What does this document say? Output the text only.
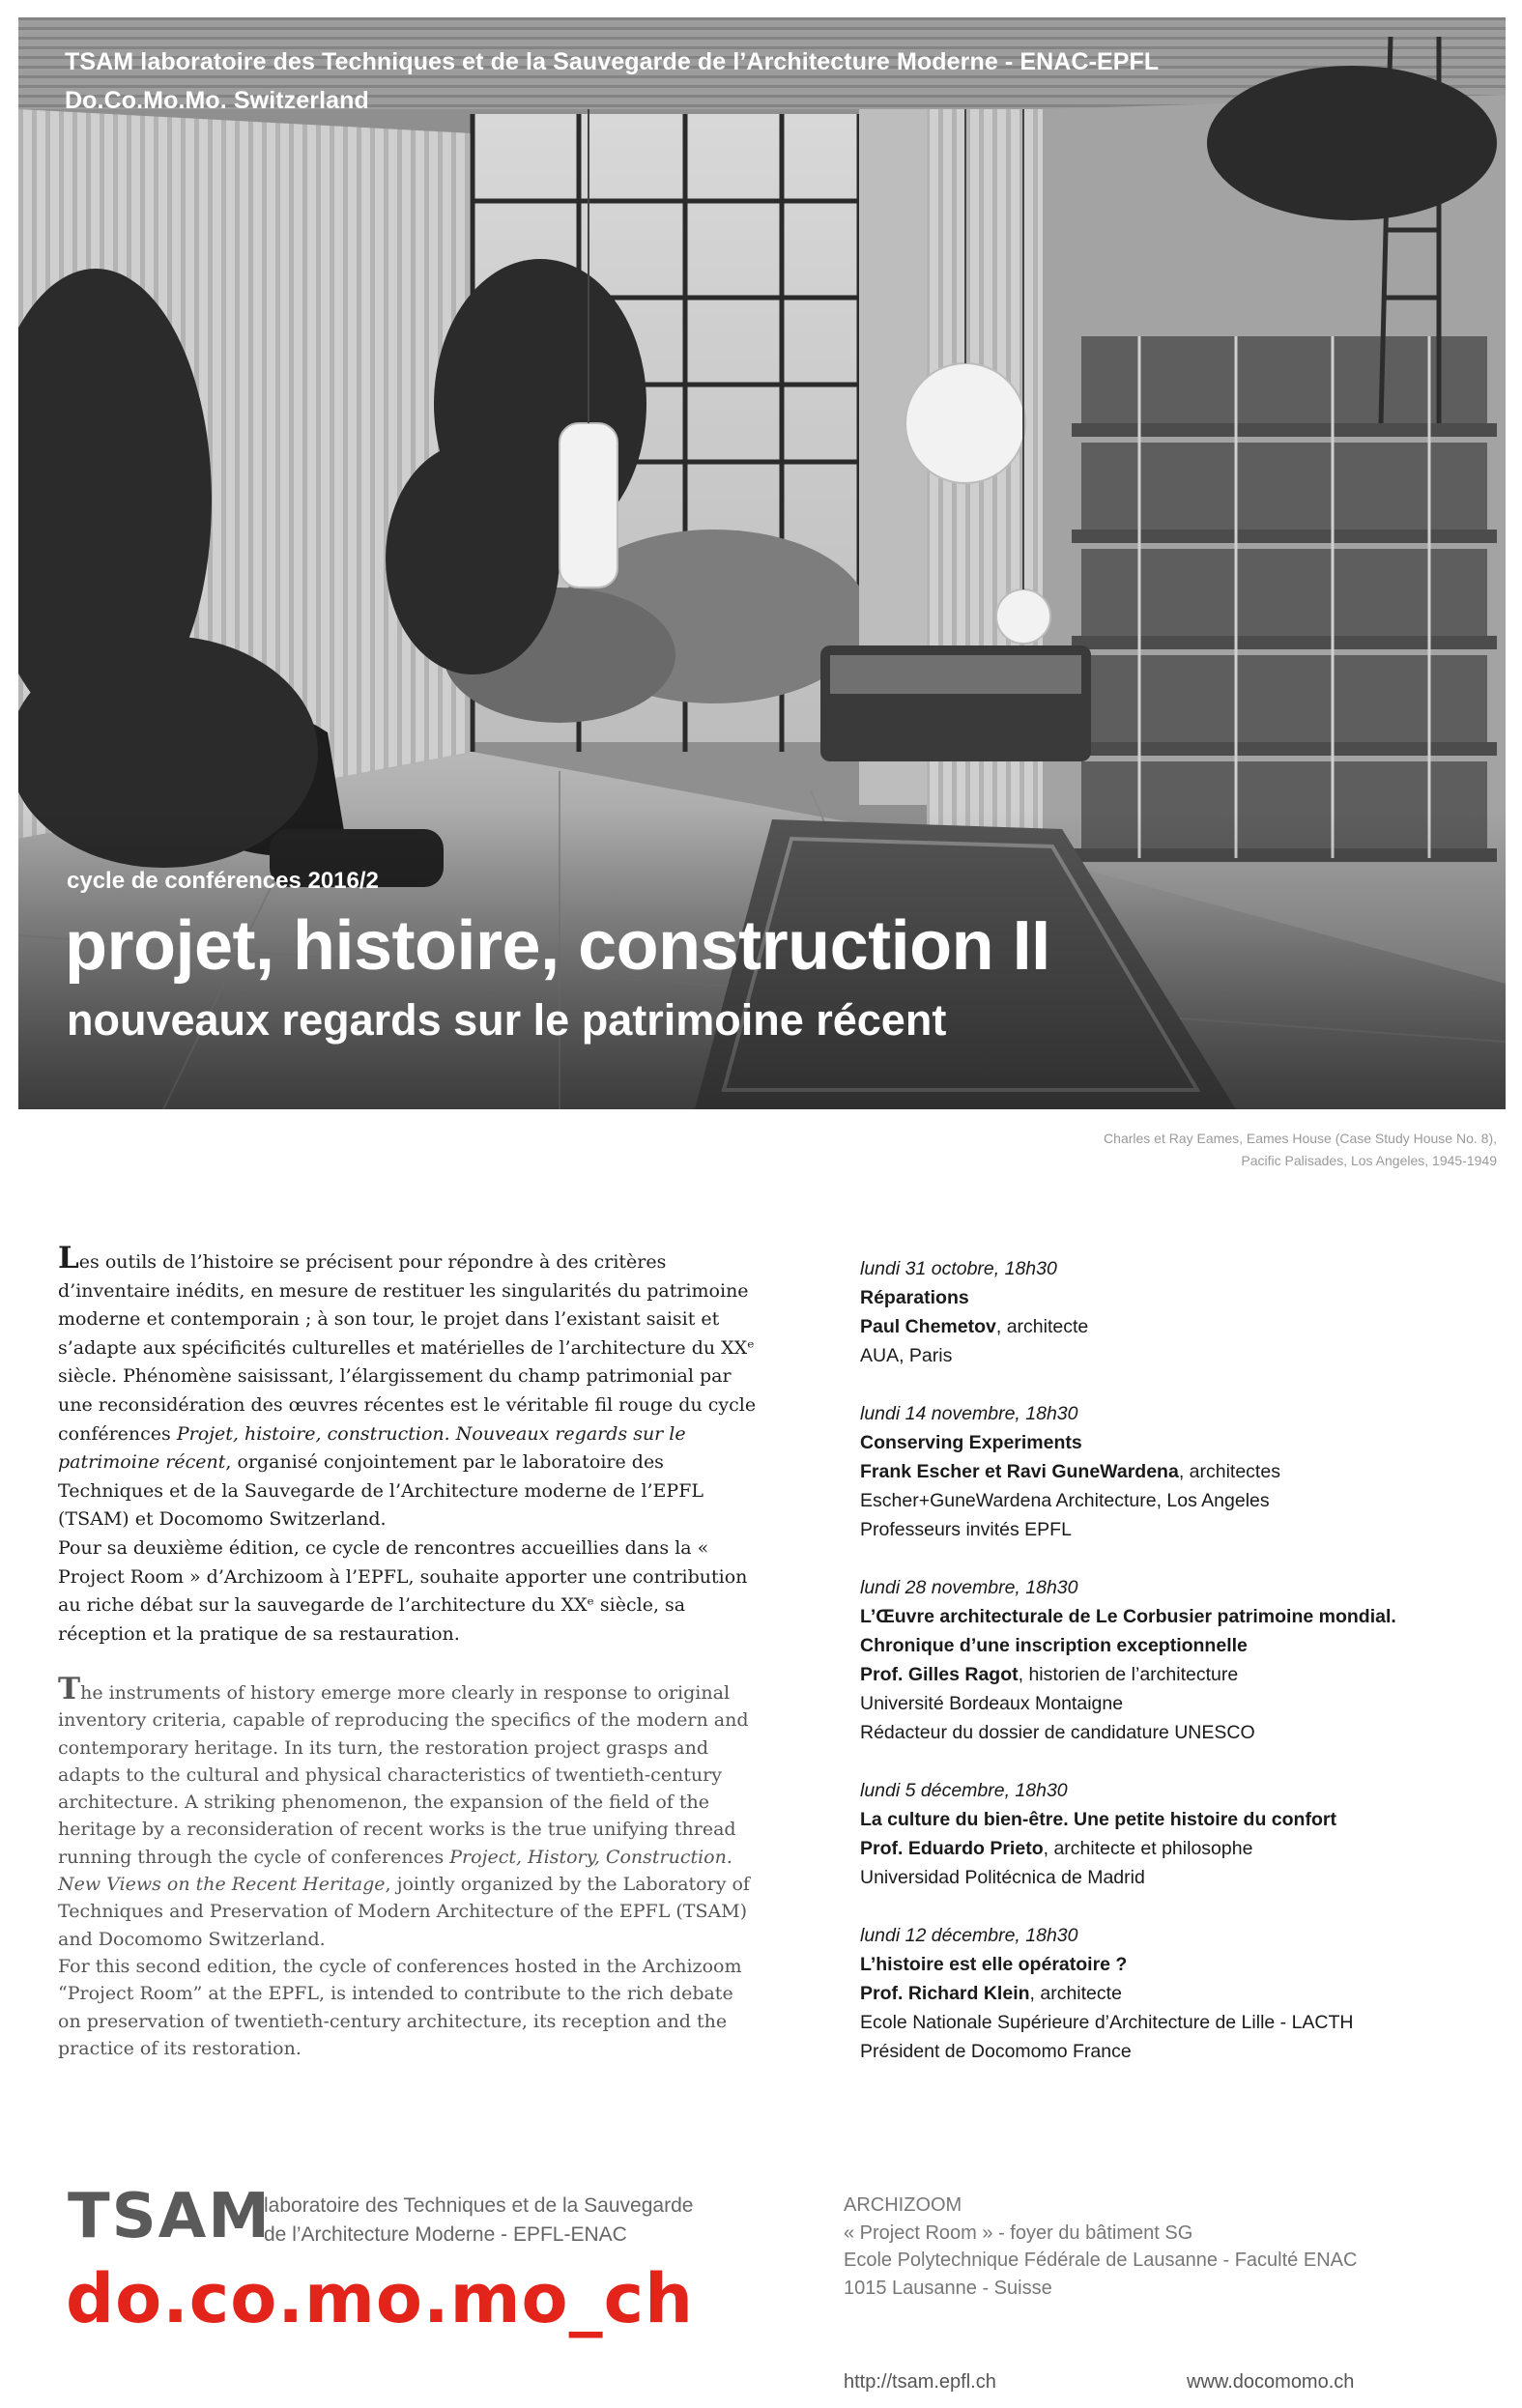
TSAM laboratoire des Techniques et de la Sauvegarde de l’Architecture Moderne - ENAC-EPFL
Do.Co.Mo.Mo. Switzerland
cycle de conférences 2016/2
projet, histoire, construction II
nouveaux regards sur le patrimoine récent
Charles et Ray Eames, Eames House (Case Study House No. 8),
Pacific Palisades, Los Angeles, 1945-1949

Les outils de l’histoire se précisent pour répondre à des critères d’inventaire inédits, en mesure de restituer les singularités du patrimoine moderne et contemporain ; à son tour, le projet dans l’existant saisit et s’adapte aux spécificités culturelles et matérielles de l’architecture du XXᵉ siècle. Phénomène saisissant, l’élargissement du champ patrimonial par une reconsidération des œuvres récentes est le véritable fil rouge du cycle conférences Projet, histoire, construction. Nouveaux regards sur le patrimoine récent, organisé conjointement par le laboratoire des Techniques et de la Sauvegarde de l’Architecture moderne de l’EPFL (TSAM) et Docomomo Switzerland.

Pour sa deuxième édition, ce cycle de rencontres accueillies dans la « Project Room » d’Archizoom à l’EPFL, souhaite apporter une contribution au riche débat sur la sauvegarde de l’architecture du XXᵉ siècle, sa réception et la pratique de sa restauration.

The instruments of history emerge more clearly in response to original inventory criteria, capable of reproducing the specifics of the modern and contemporary heritage. In its turn, the restoration project grasps and adapts to the cultural and physical characteristics of twentieth-century architecture. A striking phenomenon, the expansion of the field of the heritage by a reconsideration of recent works is the true unifying thread running through the cycle of conferences Project, History, Construction. New Views on the Recent Heritage, jointly organized by the Laboratory of Techniques and Preservation of Modern Architecture of the EPFL (TSAM) and Docomomo Switzerland.

For this second edition, the cycle of conferences hosted in the Archizoom “Project Room” at the EPFL, is intended to contribute to the rich debate on preservation of twentieth-century architecture, its reception and the practice of its restoration.

lundi 31 octobre, 18h30
Réparations
Paul Chemetov, architecte
AUA, Paris
lundi 14 novembre, 18h30
Conserving Experiments
Frank Escher et Ravi GuneWardena, architectes
Escher+GuneWardena Architecture, Los Angeles
Professeurs invités EPFL
lundi 28 novembre, 18h30
L’Œuvre architecturale de Le Corbusier patrimoine mondial.
Chronique d’une inscription exceptionnelle
Prof. Gilles Ragot, historien de l’architecture
Université Bordeaux Montaigne
Rédacteur du dossier de candidature UNESCO
lundi 5 décembre, 18h30
La culture du bien-être. Une petite histoire du confort
Prof. Eduardo Prieto, architecte et philosophe
Universidad Politécnica de Madrid
lundi 12 décembre, 18h30
L’histoire est elle opératoire ?
Prof. Richard Klein, architecte
Ecole Nationale Supérieure d’Architecture de Lille - LACTH
Président de Docomomo France
TSAM
laboratoire des Techniques et de la Sauvegarde
de l’Architecture Moderne - EPFL-ENAC
do.co.mo.mo_ch
ARCHIZOOM
« Project Room » - foyer du bâtiment SG
Ecole Polytechnique Fédérale de Lausanne - Faculté ENAC
1015 Lausanne - Suisse
http://tsam.epfl.ch	www.docomomo.ch
